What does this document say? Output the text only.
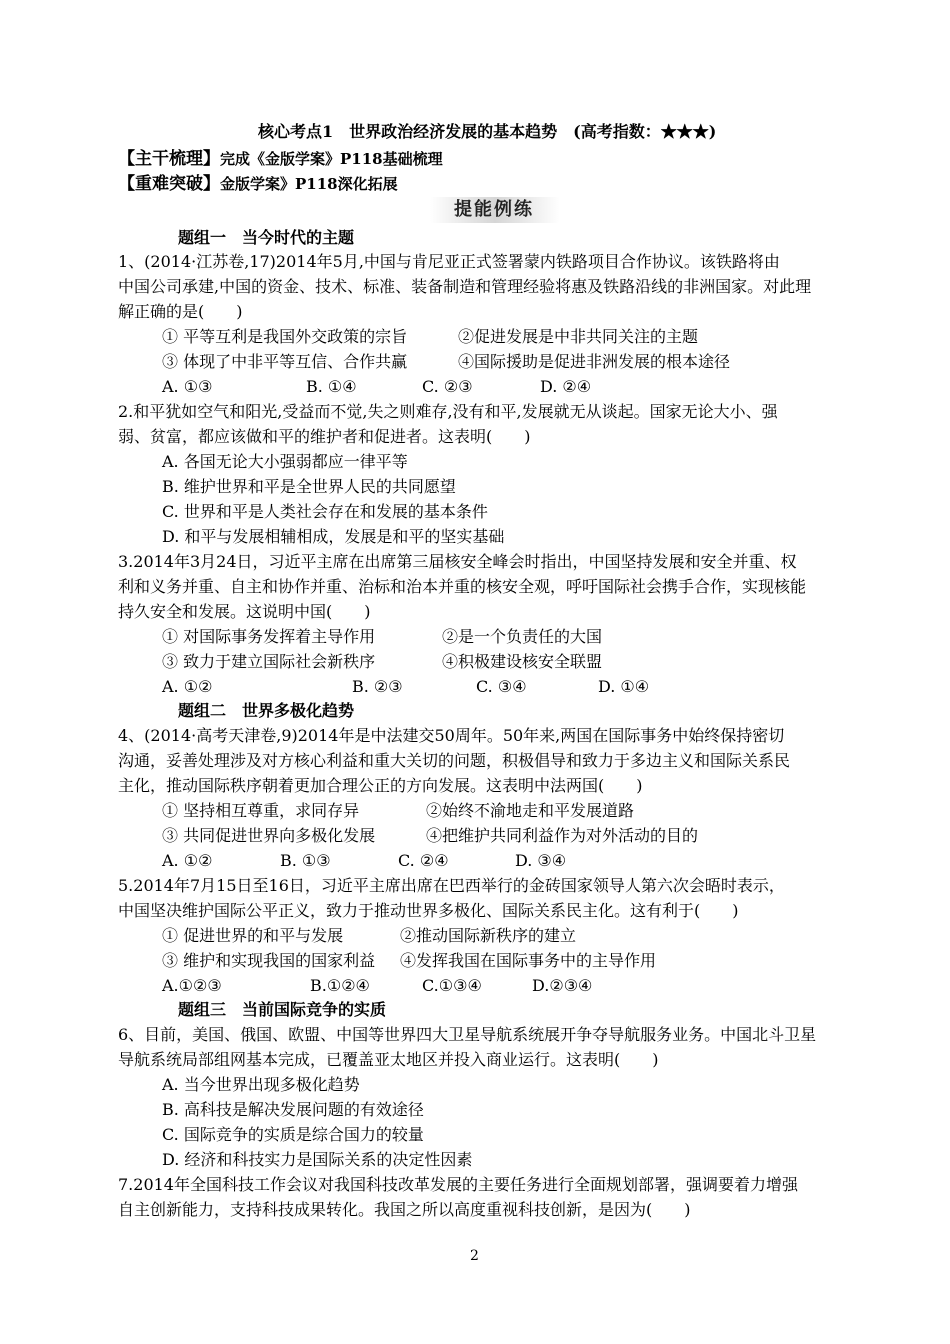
核心考点1　世界政治经济发展的基本趋势　(高考指数：★★★)
【主干梳理】完成《金版学案》P118基础梳理
【重难突破】金版学案》P118深化拓展
提能例练
题组一　当今时代的主题
1、(2014·江苏卷,17)2014年5月,中国与肯尼亚正式签署蒙内铁路项目合作协议。该铁路将由
中国公司承建,中国的资金、技术、标准、装备制造和管理经验将惠及铁路沿线的非洲国家。对此理
解正确的是(　　)
① 平等互利是我国外交政策的宗旨	②促进发展是中非共同关注的主题
③ 体现了中非平等互信、合作共赢	④国际援助是促进非洲发展的根本途径
A. ①③	B. ①④	C. ②③	D. ②④
2.和平犹如空气和阳光,受益而不觉,失之则难存,没有和平,发展就无从谈起。国家无论大小、强
弱、贫富，都应该做和平的维护者和促进者。这表明(　　)
A. 各国无论大小强弱都应一律平等
B. 维护世界和平是全世界人民的共同愿望
C. 世界和平是人类社会存在和发展的基本条件
D. 和平与发展相辅相成，发展是和平的坚实基础
3.2014年3月24日，习近平主席在出席第三届核安全峰会时指出，中国坚持发展和安全并重、权
利和义务并重、自主和协作并重、治标和治本并重的核安全观，呼吁国际社会携手合作，实现核能
持久安全和发展。这说明中国(　　)
① 对国际事务发挥着主导作用	②是一个负责任的大国
③ 致力于建立国际社会新秩序	④积极建设核安全联盟
A. ①②	B. ②③	C. ③④	D. ①④
题组二　世界多极化趋势
4、(2014·高考天津卷,9)2014年是中法建交50周年。50年来,两国在国际事务中始终保持密切
沟通，妥善处理涉及对方核心利益和重大关切的问题，积极倡导和致力于多边主义和国际关系民
主化，推动国际秩序朝着更加合理公正的方向发展。这表明中法两国(　　)
① 坚持相互尊重，求同存异	②始终不渝地走和平发展道路
③ 共同促进世界向多极化发展	④把维护共同利益作为对外活动的目的
A. ①②	B. ①③	C. ②④	D. ③④
5.2014年7月15日至16日，习近平主席出席在巴西举行的金砖国家领导人第六次会晤时表示，
中国坚决维护国际公平正义，致力于推动世界多极化、国际关系民主化。这有利于(　　)
① 促进世界的和平与发展	②推动国际新秩序的建立
③ 维护和实现我国的国家利益 ④发挥我国在国际事务中的主导作用
A.①②③	B.①②④	C.①③④	D.②③④
题组三　当前国际竞争的实质
6、目前，美国、俄国、欧盟、中国等世界四大卫星导航系统展开争夺导航服务业务。中国北斗卫星
导航系统局部组网基本完成，已覆盖亚太地区并投入商业运行。这表明(　　)
A. 当今世界出现多极化趋势
B. 高科技是解决发展问题的有效途径
C. 国际竞争的实质是综合国力的较量
D. 经济和科技实力是国际关系的决定性因素
7.2014年全国科技工作会议对我国科技改革发展的主要任务进行全面规划部署，强调要着力增强
自主创新能力，支持科技成果转化。我国之所以高度重视科技创新，是因为(　　)
2
